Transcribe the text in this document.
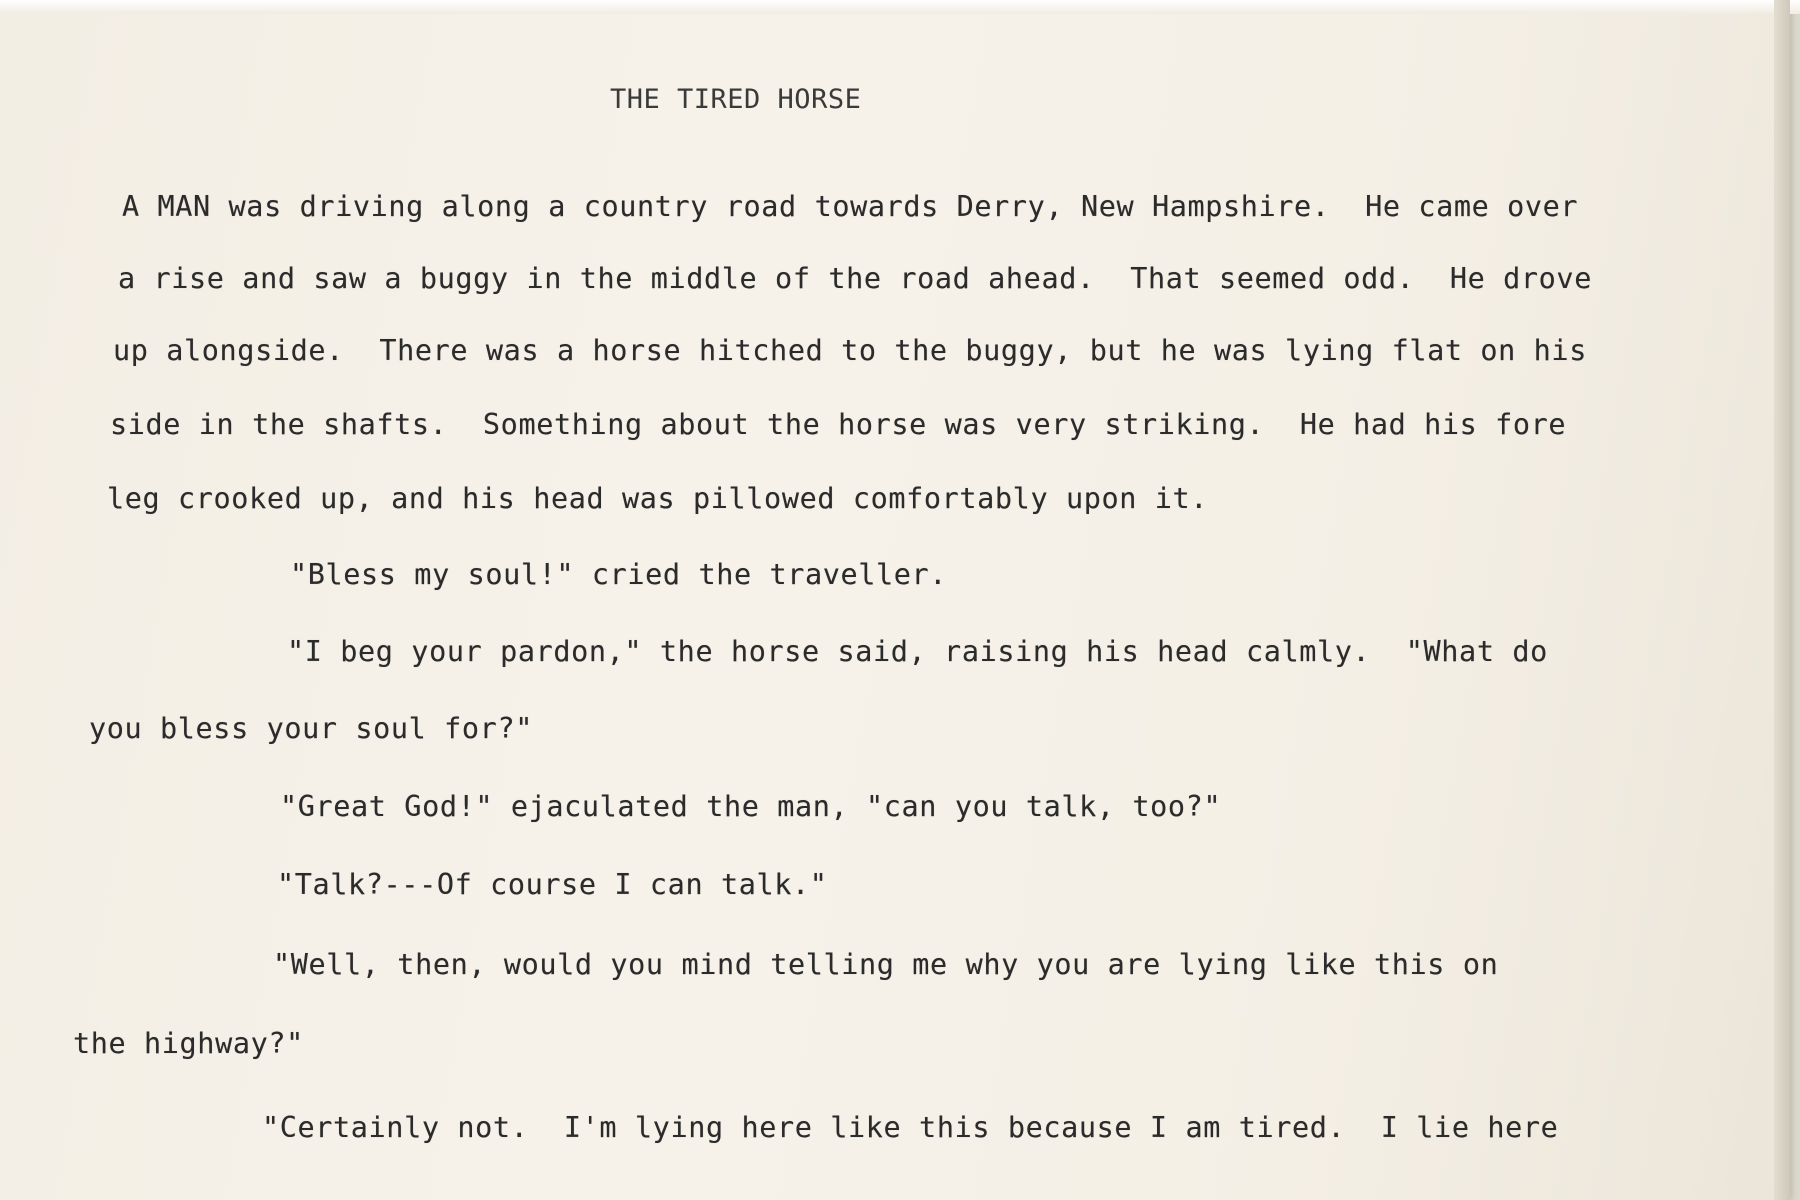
THE TIRED HORSE
A MAN was driving along a country road towards Derry, New Hampshire.  He came over
a rise and saw a buggy in the middle of the road ahead.  That seemed odd.  He drove
up alongside.  There was a horse hitched to the buggy, but he was lying flat on his
side in the shafts.  Something about the horse was very striking.  He had his fore
leg crooked up, and his head was pillowed comfortably upon it.
"Bless my soul!" cried the traveller.
"I beg your pardon," the horse said, raising his head calmly.  "What do
you bless your soul for?"
"Great God!" ejaculated the man, "can you talk, too?"
"Talk?---Of course I can talk."
"Well, then, would you mind telling me why you are lying like this on
the highway?"
"Certainly not.  I'm lying here like this because I am tired.  I lie here
